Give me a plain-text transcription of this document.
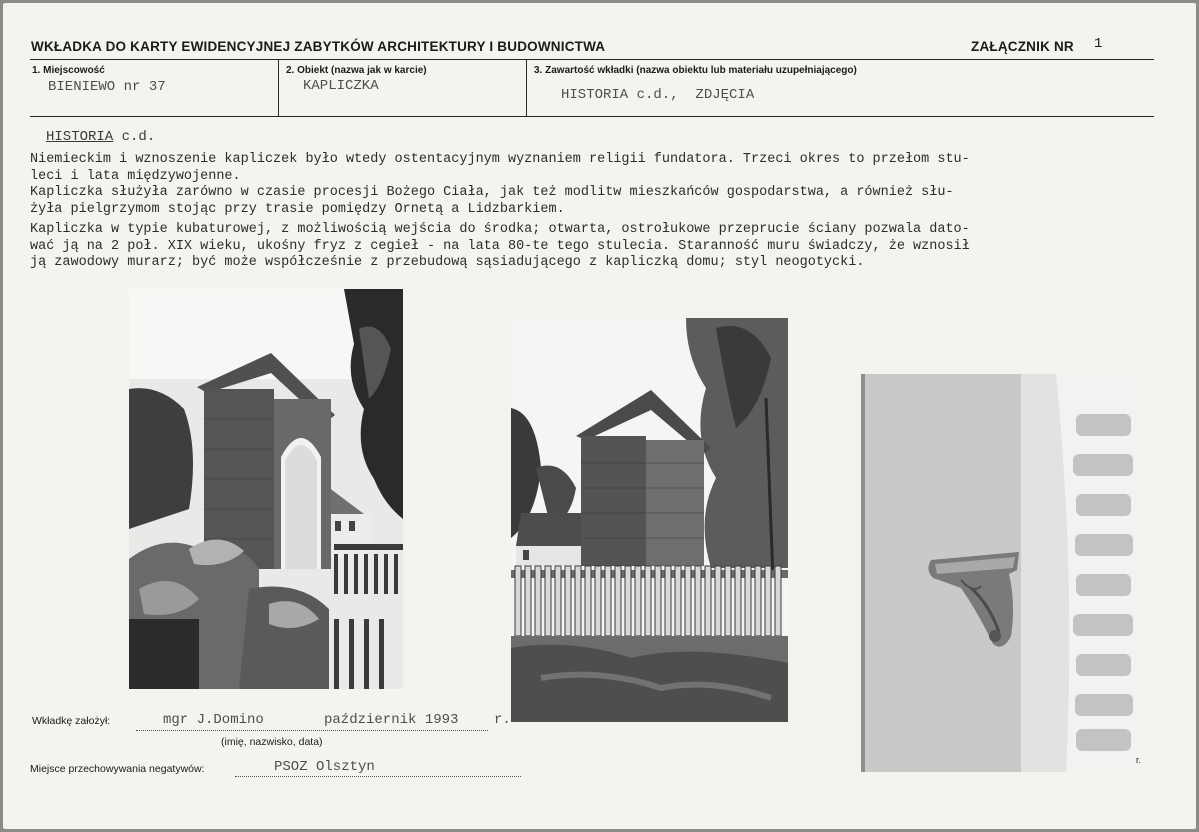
WKŁADKA DO KARTY EWIDENCYJNEJ ZABYTKÓW ARCHITEKTURY I BUDOWNICTWA	ZAŁĄCZNIK NR 1
1. Miejscowość
BIENIEWO nr 37
2. Obiekt (nazwa jak w karcie)
KAPLICZKA
3. Zawartość wkładki (nazwa obiektu lub materiału uzupełniającego)
HISTORIA c.d.,  ZDJĘCIA
HISTORIA c.d.

Niemieckim i wznoszenie kapliczek było wtedy ostentacyjnym wyznaniem religii fundatora. Trzeci okres to przełom stu-

leci i lata międzywojenne.

Kapliczka służyła zarówno w czasie procesji Bożego Ciała, jak też modlitw mieszkańców gospodarstwa, a również słu-

żyła pielgrzymom stojąc przy trasie pomiędzy Ornetą a Lidzbarkiem.

Kapliczka w typie kubaturowej, z możliwością wejścia do środka; otwarta, ostrołukowe przeprucie ściany pozwala dato-

wać ją na 2 poł. XIX wieku, ukośny fryz z cegieł - na lata 80-te tego stulecia. Staranność muru świadczy, że wznosił

ją zawodowy murarz; być może współcześnie z przebudową sąsiadującego z kapliczką domu; styl neogotycki.

r.
Wkładkę założył:	mgr J.Domino	październik 1993	r.
(imię, nazwisko, data)
Miejsce przechowywania negatywów:	PSOZ Olsztyn
